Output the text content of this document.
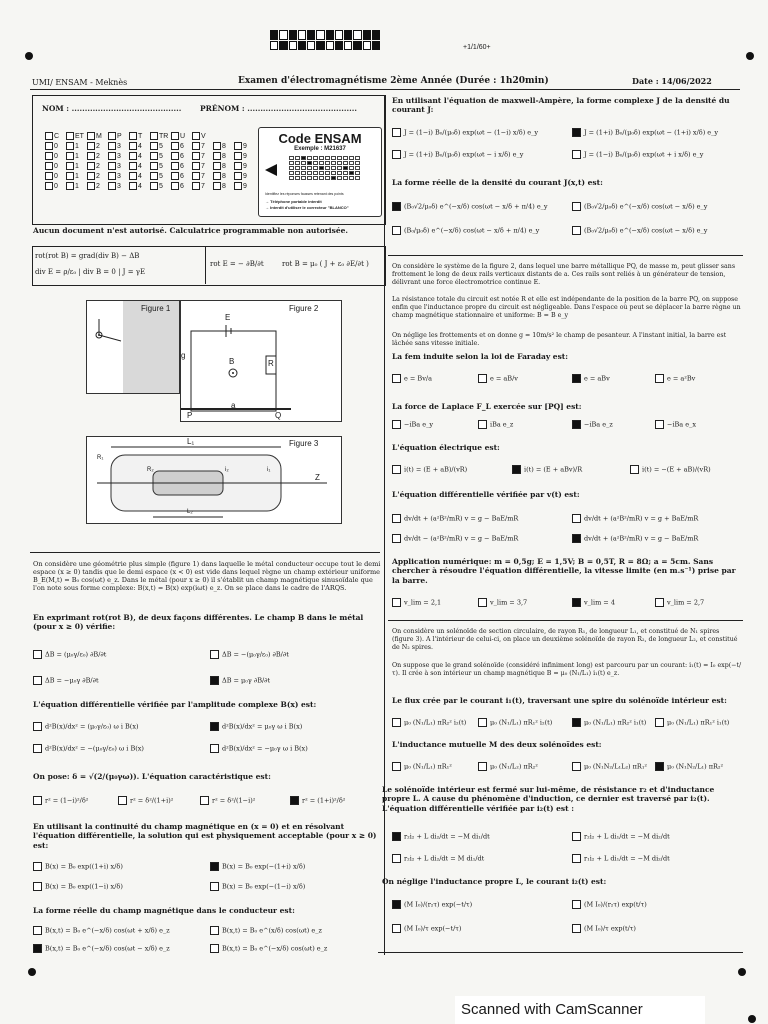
+1/1/60+
UMI/ ENSAM - Meknès	Examen d'électromagnétisme 2ème Année (Durée : 1h20min)	Date : 14/06/2022
NOM : .......................................... PRÉNOM : ..........................................
C ET M P T TR U V
0 1 2 3 4 5 6 7 8 9
0 1 2 3 4 5 6 7 8 9
0 1 2 3 4 5 6 7 8 9
0 1 2 3 4 5 6 7 8 9
0 1 2 3 4 5 6 7 8 9
Code ENSAM
Exemple : M21637
Identifiez les réponses fausses retenant des points
→ Téléphone portable interdit
→ Interdit d'utiliser le correcteur "BLANCO"
Aucun document n'est autorisé. Calculatrice programmable non autorisée.
rot(rot B) = grad(div B) − ΔB
div E = ρ/ε₀ | div B = 0 | J = γE
rot E = − ∂B/∂t	rot B = μ₀ ( J + ε₀ ∂E/∂t )
Figure 1	Figure 2
E
R
B
g
P
a
Q
Figure 3
L₁
L₂
R₁
R₂	i₁
i₂
Z
On considère une géométrie plus simple (figure 1) dans laquelle le métal conducteur occupe tout le demi espace (x ≥ 0) tandis que le demi espace (x < 0) est vide dans lequel règne un champ extérieur uniforme B_E(M,t) = B₀ cos(ωt) e_z. Dans le métal (pour x ≥ 0) il s'établit un champ magnétique sinusoïdale que l'on note sous forme complexe: B(x,t) = B(x) exp(iωt) e_z. On se place dans le cadre de l'ARQS.
En exprimant rot(rot B), de deux façons différentes. Le champ B dans le métal (pour x ≥ 0) vérifie:
ΔB = (μ₀γ/ε₀) ∂B/∂t	ΔB = −(μ₀γ/ε₀) ∂B/∂t
ΔB = −μ₀γ ∂B/∂t	ΔB = μ₀γ ∂B/∂t
L'équation différentielle vérifiée par l'amplitude complexe B(x) est:
d²B(x)/dx² = (μ₀γ/ε₀) ω i B(x)	d²B(x)/dx² = μ₀γ ω i B(x)
d²B(x)/dx² = −(μ₀γ/ε₀) ω i B(x)	d²B(x)/dx² = −μ₀γ ω i B(x)
On pose: δ = √(2/(μ₀γω)). L'équation caractéristique est:
r² = (1−i)²/δ²	r² = δ²/(1+i)²	r² = δ²/(1−i)²	r² = (1+i)²/δ²
En utilisant la continuité du champ magnétique en (x = 0) et en résolvant l'équation différentielle, la solution qui est physiquement acceptable (pour x ≥ 0) est:
B(x) = B₀ exp((1+i) x/δ)	B(x) = B₀ exp(−(1+i) x/δ)
B(x) = B₀ exp((1−i) x/δ)	B(x) = B₀ exp(−(1−i) x/δ)
La forme réelle du champ magnétique dans le conducteur est:
B(x,t) = B₀ e^(−x/δ) cos(ωt + x/δ) e_z	B(x,t) = B₀ e^(x/δ) cos(ωt) e_z
B(x,t) = B₀ e^(−x/δ) cos(ωt − x/δ) e_z	B(x,t) = B₀ e^(−x/δ) cos(ωt) e_z
En utilisant l'équation de maxwell-Ampère, la forme complexe J de la densité du courant J:
J = (1−i) B₀/(μ₀δ) exp(ωt − (1−i) x/δ) e_y	J = (1+i) B₀/(μ₀δ) exp(ωt − (1+i) x/δ) e_y
J = (1+i) B₀/(μ₀δ) exp(ωt − i x/δ) e_y	J = (1−i) B₀/(μ₀δ) exp(ωt + i x/δ) e_y
La forme réelle de la densité du courant J(x,t) est:
(B₀√2/μ₀δ) e^(−x/δ) cos(ωt − x/δ + π/4) e_y	(B₀√2/μ₀δ) e^(−x/δ) cos(ωt − x/δ) e_y
(B₀/μ₀δ) e^(−x/δ) cos(ωt − x/δ + π/4) e_y	(B₀√2/μ₀δ) e^(−x/δ) cos(ωt − x/δ) e_y
On considère le système de la figure 2, dans lequel une barre métallique PQ, de masse m, peut glisser sans frottement le long de deux rails verticaux distants de a. Ces rails sont reliés à un générateur de tension, délivrant une force électromotrice continue E.
La résistance totale du circuit est notée R et elle est indépendante de la position de la barre PQ, on suppose enfin que l'inductance propre du circuit est négligeable. Dans l'espace où peut se déplacer la barre règne un champ magnétique stationnaire et uniforme: B = B e_y
On néglige les frottements et on donne g = 10m/s² le champ de pesanteur. A l'instant initial, la barre est lâchée sans vitesse initiale.
La fem induite selon la loi de Faraday est:
e = Bv/a	e = aB/v	e = aBv	e = a²Bv
La force de Laplace F_L exercée sur [PQ] est:
−iBa e_y	iBa e_z	−iBa e_z	−iBa e_x
L'équation électrique est:
i(t) = (E + aB)/(vR)	i(t) = (E + aBv)/R	i(t) = −(E + aB)/(vR)
L'équation différentielle vérifiée par v(t) est:
dv/dt + (a²B²/mR) v = g − BaE/mR	dv/dt + (a²B²/mR) v = g + BaE/mR
dv/dt − (a²B²/mR) v = g − BaE/mR	dv/dt + (a²B²/mR) v = g − BaE/mR
Application numérique: m = 0,5g; E = 1,5V; B = 0,5T, R = 8Ω; a = 5cm. Sans chercher à résoudre l'équation différentielle, la vitesse limite (en m.s⁻¹) prise par la barre.
v_lim = 2,1	v_lim = 3,7	v_lim = 4	v_lim = 2,7
On considère un solénoïde de section circulaire, de rayon R₁, de longueur L₁, et constitué de N₁ spires (figure 3). A l'intérieur de celui-ci, on place un deuxième solénoïde de rayon R₂, de longueur L₂, et constitué de N₂ spires.
On suppose que le grand solénoïde (considéré infiniment long) est parcouru par un courant: i₁(t) = I₀ exp(−t/τ). Il crée à son intérieur un champ magnétique B = μ₀ (N₁/L₁) i₁(t) e_z.
Le flux crée par le courant i₁(t), traversant une spire du solénoïde intérieur est:
μ₀ (N₁/L₁) πR₂² i₂(t)	μ₀ (N₁/L₁) πR₁² i₂(t)	μ₀ (N₁/L₁) πR₂² i₁(t)	μ₀ (N₁/L₁) πR₁² i₁(t)
L'inductance mutuelle M des deux solénoïdes est:
μ₀ (N₁/L₁) πR₁²	μ₀ (N₁/L₂) πR₂²	μ₀ (N₁N₂/L₁L₂) πR₁²	μ₀ (N₁N₂/L₁) πR₂²
Le solénoïde intérieur est fermé sur lui-même, de résistance r₂ et d'inductance propre L. A cause du phénomène d'induction, ce dernier est traversé par i₂(t). L'équation différentielle vérifiée par i₂(t) est :
r₂i₂ + L di₂/dt = −M di₁/dt	r₂i₂ + L di₁/dt = −M di₂/dt
r₂i₂ + L di₂/dt = M di₁/dt	r₁i₂ + L di₁/dt = −M di₂/dt
On néglige l'inductance propre L, le courant i₂(t) est:
(M I₀)/(r₂τ) exp(−t/τ)	(M I₀)/(r₂τ) exp(t/τ)
(M I₀)/τ exp(−t/τ)	(M I₀)/τ exp(t/τ)
Scanned with CamScanner
